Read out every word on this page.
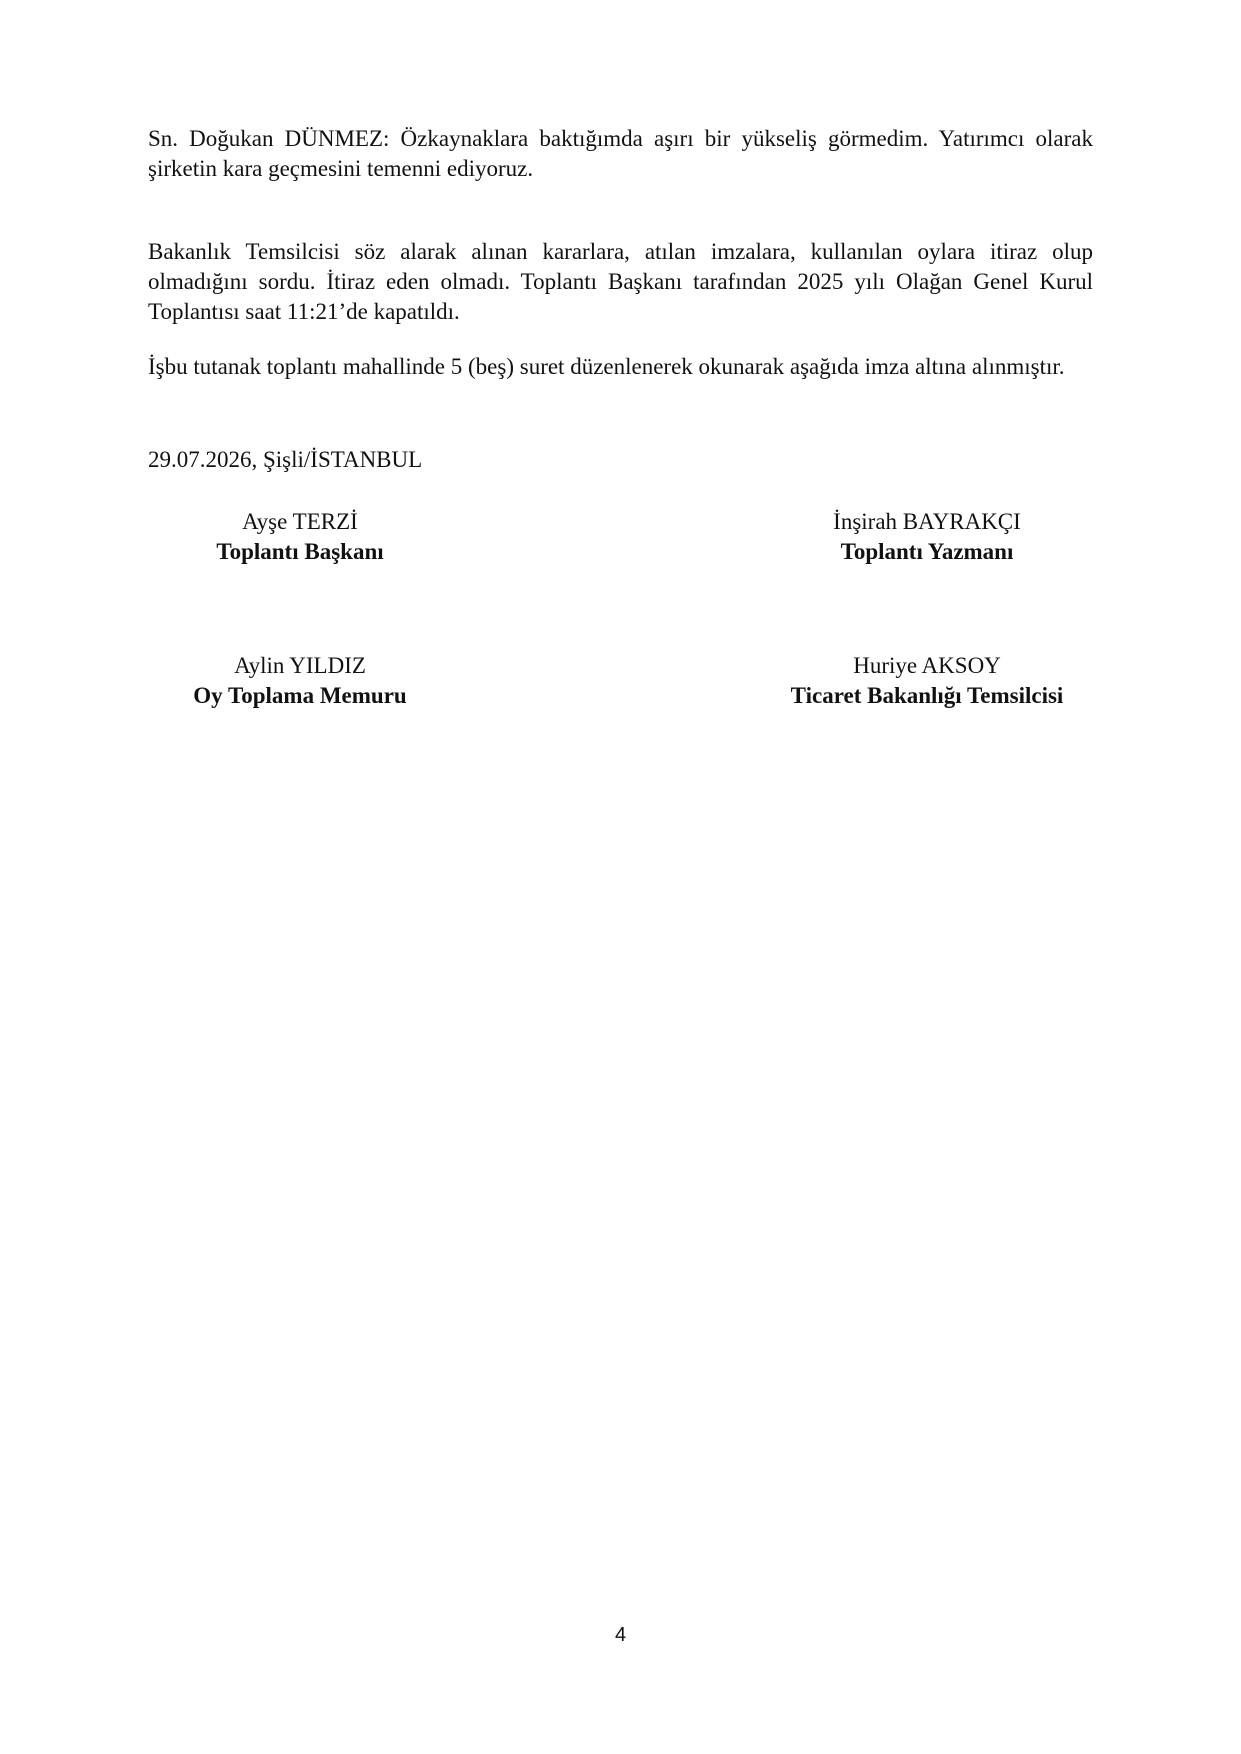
Sn. Doğukan DÜNMEZ: Özkaynaklara baktığımda aşırı bir yükseliş görmedim. Yatırımcı olarak şirketin kara geçmesini temenni ediyoruz.

Bakanlık Temsilcisi söz alarak alınan kararlara, atılan imzalara, kullanılan oylara itiraz olup olmadığını sordu. İtiraz eden olmadı. Toplantı Başkanı tarafından 2025 yılı Olağan Genel Kurul Toplantısı saat 11:21’de kapatıldı.

İşbu tutanak toplantı mahallinde 5 (beş) suret düzenlenerek okunarak aşağıda imza altına alınmıştır.

29.07.2026, Şişli/İSTANBUL

Ayşe TERZİ
Toplantı Başkanı
İnşirah BAYRAKÇI
Toplantı Yazmanı
Aylin YILDIZ
Oy Toplama Memuru
Huriye AKSOY
Ticaret Bakanlığı Temsilcisi
4
